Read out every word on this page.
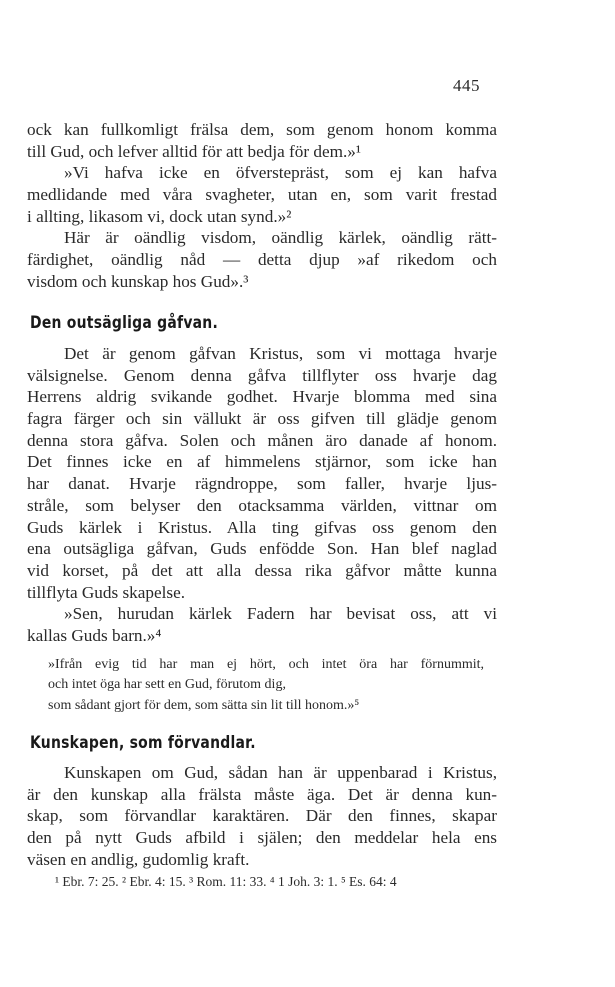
445
ock kan fullkomligt frälsa dem, som genom honom komma
till Gud, och lefver alltid för att bedja för dem.»¹
»Vi hafva icke en öfverstepräst, som ej kan hafva
medlidande med våra svagheter, utan en, som varit frestad
i allting, likasom vi, dock utan synd.»²
Här är oändlig visdom, oändlig kärlek, oändlig rätt-
färdighet, oändlig nåd — detta djup »af rikedom och
visdom och kunskap hos Gud».³
Den outsägliga gåfvan.
Det är genom gåfvan Kristus, som vi mottaga hvarje
välsignelse. Genom denna gåfva tillflyter oss hvarje dag
Herrens aldrig svikande godhet. Hvarje blomma med sina
fagra färger och sin vällukt är oss gifven till glädje genom
denna stora gåfva. Solen och månen äro danade af honom.
Det finnes icke en af himmelens stjärnor, som icke han
har danat. Hvarje rägndroppe, som faller, hvarje ljus-
stråle, som belyser den otacksamma världen, vittnar om
Guds kärlek i Kristus. Alla ting gifvas oss genom den
ena outsägliga gåfvan, Guds enfödde Son. Han blef naglad
vid korset, på det att alla dessa rika gåfvor måtte kunna
tillflyta Guds skapelse.
»Sen, hurudan kärlek Fadern har bevisat oss, att vi
kallas Guds barn.»⁴
»Ifrån evig tid har man ej hört, och intet öra har förnummit,
och intet öga har sett en Gud, förutom dig,
som sådant gjort för dem, som sätta sin lit till honom.»⁵
Kunskapen, som förvandlar.
Kunskapen om Gud, sådan han är uppenbarad i Kristus,
är den kunskap alla frälsta måste äga. Det är denna kun-
skap, som förvandlar karaktären. Där den finnes, skapar
den på nytt Guds afbild i själen; den meddelar hela ens
väsen en andlig, gudomlig kraft.
¹ Ebr. 7: 25. ² Ebr. 4: 15. ³ Rom. 11: 33. ⁴ 1 Joh. 3: 1. ⁵ Es. 64: 4
